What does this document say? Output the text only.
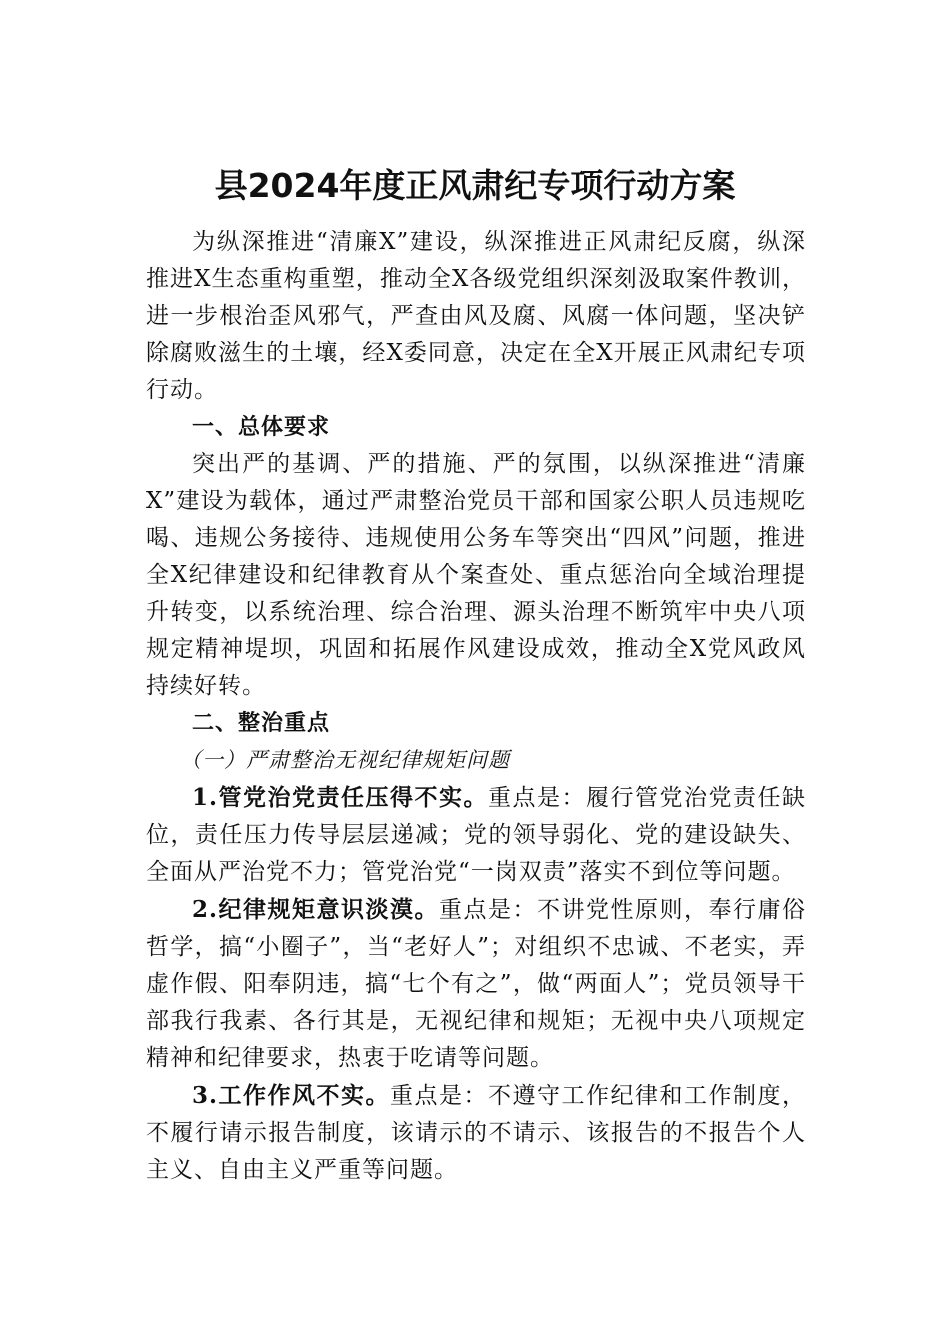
县2024年度正风肃纪专项行动方案

为纵深推进“清廉X”建设，纵深推进正风肃纪反腐，纵深推进X生态重构重塑，推动全X各级党组织深刻汲取案件教训，进一步根治歪风邪气，严查由风及腐、风腐一体问题，坚决铲除腐败滋生的土壤，经X委同意，决定在全X开展正风肃纪专项行动。

一、总体要求

突出严的基调、严的措施、严的氛围，以纵深推进“清廉X”建设为载体，通过严肃整治党员干部和国家公职人员违规吃喝、违规公务接待、违规使用公务车等突出“四风”问题，推进全X纪律建设和纪律教育从个案查处、重点惩治向全域治理提升转变，以系统治理、综合治理、源头治理不断筑牢中央八项规定精神堤坝，巩固和拓展作风建设成效，推动全X党风政风持续好转。

二、整治重点

（一）严肃整治无视纪律规矩问题

1.管党治党责任压得不实。重点是：履行管党治党责任缺位，责任压力传导层层递减；党的领导弱化、党的建设缺失、全面从严治党不力；管党治党“一岗双责”落实不到位等问题。

2.纪律规矩意识淡漠。重点是：不讲党性原则，奉行庸俗哲学，搞“小圈子”，当“老好人”；对组织不忠诚、不老实，弄虚作假、阳奉阴违，搞“七个有之”，做“两面人”；党员领导干部我行我素、各行其是，无视纪律和规矩；无视中央八项规定精神和纪律要求，热衷于吃请等问题。

3.工作作风不实。重点是：不遵守工作纪律和工作制度，不履行请示报告制度，该请示的不请示、该报告的不报告个人主义、自由主义严重等问题。
